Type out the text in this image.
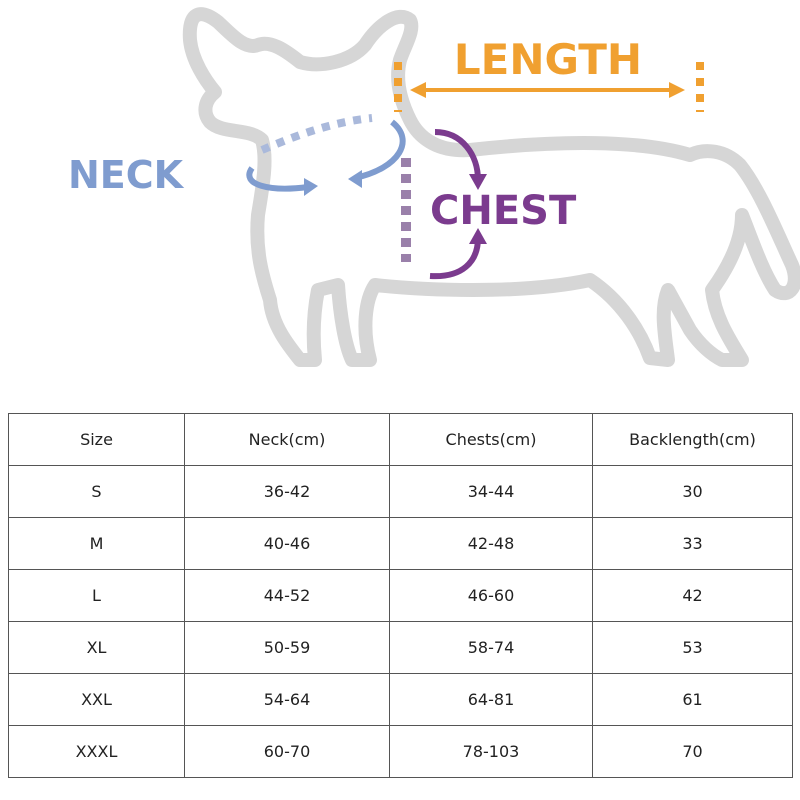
LENGTH
NECK
CHEST
Size	Neck(cm)	Chests(cm)	Backlength(cm)
S	36-42	34-44	30
M	40-46	42-48	33
L	44-52	46-60	42
XL	50-59	58-74	53
XXL	54-64	64-81	61
XXXL	60-70	78-103	70
